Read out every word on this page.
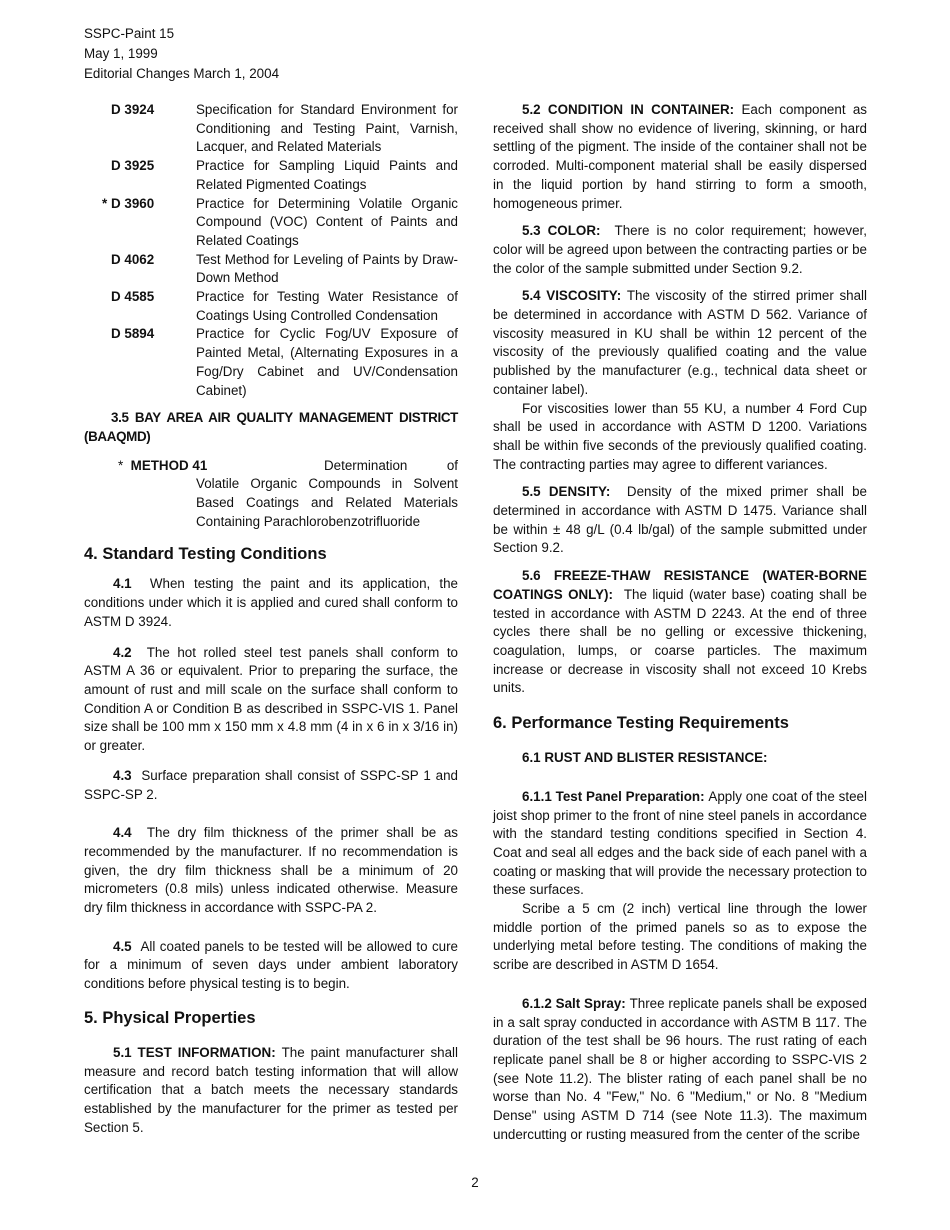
SSPC-Paint 15
May 1, 1999
Editorial Changes March 1, 2004
D 3924	Specification for Standard Environment for Conditioning and Testing Paint, Varnish, Lacquer, and Related Materials
D 3925	Practice for Sampling Liquid Paints and Related Pigmented Coatings
* D 3960	Practice for Determining Volatile Organic Compound (VOC) Content of Paints and Related Coatings
D 4062	Test Method for Leveling of Paints by Draw-Down Method
D 4585	Practice for Testing Water Resistance of Coatings Using Controlled Condensation
D 5894	Practice for Cyclic Fog/UV Exposure of Painted Metal, (Alternating Exposures in a Fog/Dry Cabinet and UV/Condensation Cabinet)

3.5 BAY AREA AIR QUALITY MANAGEMENT DISTRICT (BAAQMD)

* METHOD 41	Determination of Volatile Organic Compounds in Solvent Based Coatings and Related Materials Containing Parachlorobenzotrifluoride
4. Standard Testing Conditions

4.1 When testing the paint and its application, the conditions under which it is applied and cured shall conform to ASTM D 3924.

4.2 The hot rolled steel test panels shall conform to ASTM A 36 or equivalent. Prior to preparing the surface, the amount of rust and mill scale on the surface shall conform to Condition A or Condition B as described in SSPC-VIS 1. Panel size shall be 100 mm x 150 mm x 4.8 mm (4 in x 6 in x 3/16 in) or greater.

4.3 Surface preparation shall consist of SSPC-SP 1 and SSPC-SP 2.

4.4 The dry film thickness of the primer shall be as recommended by the manufacturer. If no recommendation is given, the dry film thickness shall be a minimum of 20 micrometers (0.8 mils) unless indicated otherwise. Measure dry film thickness in accordance with SSPC-PA 2.

4.5 All coated panels to be tested will be allowed to cure for a minimum of seven days under ambient laboratory conditions before physical testing is to begin.

5. Physical Properties

5.1 TEST INFORMATION: The paint manufacturer shall measure and record batch testing information that will allow certification that a batch meets the necessary standards established by the manufacturer for the primer as tested per Section 5.

5.2 CONDITION IN CONTAINER: Each component as received shall show no evidence of livering, skinning, or hard settling of the pigment. The inside of the container shall not be corroded. Multi-component material shall be easily dispersed in the liquid portion by hand stirring to form a smooth, homogeneous primer.

5.3 COLOR: There is no color requirement; however, color will be agreed upon between the contracting parties or be the color of the sample submitted under Section 9.2.

5.4 VISCOSITY: The viscosity of the stirred primer shall be determined in accordance with ASTM D 562. Variance of viscosity measured in KU shall be within 12 percent of the viscosity of the previously qualified coating and the value published by the manufacturer (e.g., technical data sheet or container label).

For viscosities lower than 55 KU, a number 4 Ford Cup shall be used in accordance with ASTM D 1200. Variations shall be within five seconds of the previously qualified coating. The contracting parties may agree to different variances.

5.5 DENSITY: Density of the mixed primer shall be determined in accordance with ASTM D 1475. Variance shall be within ± 48 g/L (0.4 lb/gal) of the sample submitted under Section 9.2.

5.6 FREEZE-THAW RESISTANCE (WATER-BORNE COATINGS ONLY): The liquid (water base) coating shall be tested in accordance with ASTM D 2243. At the end of three cycles there shall be no gelling or excessive thickening, coagulation, lumps, or coarse particles. The maximum increase or decrease in viscosity shall not exceed 10 Krebs units.

6. Performance Testing Requirements

6.1 RUST AND BLISTER RESISTANCE:

6.1.1 Test Panel Preparation: Apply one coat of the steel joist shop primer to the front of nine steel panels in accordance with the standard testing conditions specified in Section 4. Coat and seal all edges and the back side of each panel with a coating or masking that will provide the necessary protection to these surfaces.

Scribe a 5 cm (2 inch) vertical line through the lower middle portion of the primed panels so as to expose the underlying metal before testing. The conditions of making the scribe are described in ASTM D 1654.

6.1.2 Salt Spray: Three replicate panels shall be exposed in a salt spray conducted in accordance with ASTM B 117. The duration of the test shall be 96 hours. The rust rating of each replicate panel shall be 8 or higher according to SSPC-VIS 2 (see Note 11.2). The blister rating of each panel shall be no worse than No. 4 "Few," No. 6 "Medium," or No. 8 "Medium Dense" using ASTM D 714 (see Note 11.3). The maximum undercutting or rusting measured from the center of the scribe

2
